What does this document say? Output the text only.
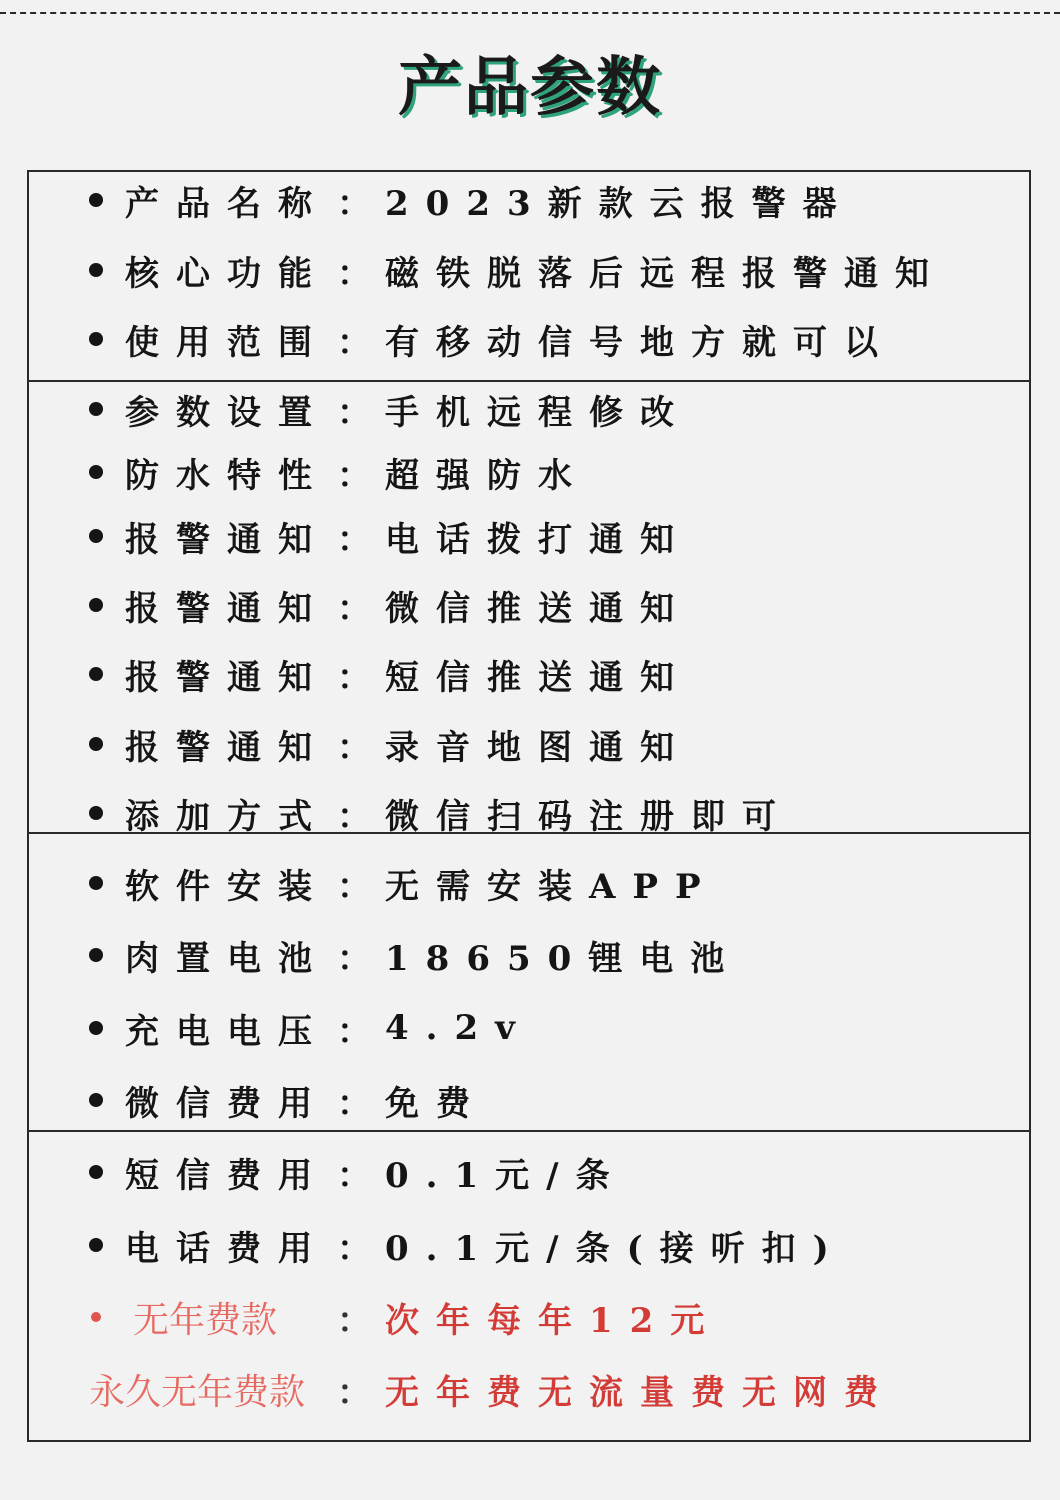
产品参数
产品名称 ： 2023新款云报警器
核心功能 ： 磁铁脱落后远程报警通知
使用范围 ： 有移动信号地方就可以
参数设置 ： 手机远程修改
防水特性 ： 超强防水
报警通知 ： 电话拨打通知
报警通知 ： 微信推送通知
报警通知 ： 短信推送通知
报警通知 ： 录音地图通知
添加方式 ： 微信扫码注册即可
软件安装 ： 无需安装APP
肉置电池 ： 18650锂电池
充电电压 ： 4.2v
微信费用 ： 免费
短信费用 ： 0.1元/条
电话费用 ： 0.1元/条(接听扣)
无年费款 ： 次年每年12元
永久无年费款 ： 无年费无流量费无网费
